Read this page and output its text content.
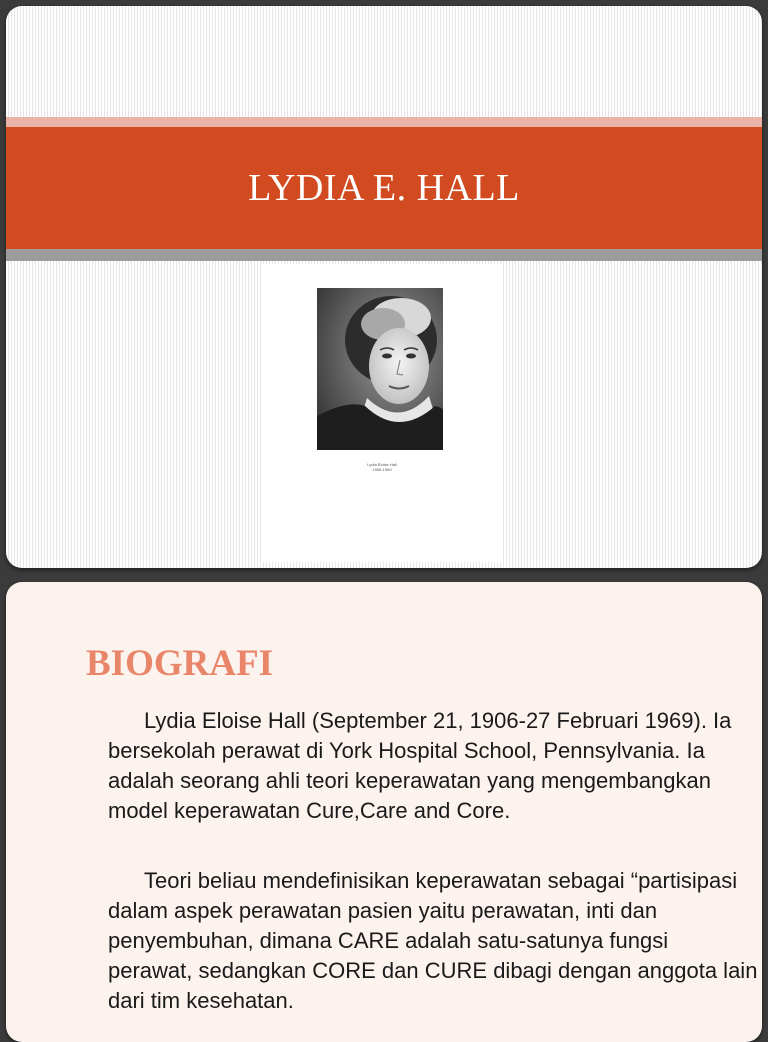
LYDIA E. HALL
Lydia Eloise Hall
1906-1969
BIOGRAFI

Lydia Eloise Hall (September 21, 1906-27 Februari 1969). Ia bersekolah perawat di York Hospital School, Pennsylvania. Ia adalah seorang ahli teori keperawatan yang mengembangkan model keperawatan Cure,Care and Core.

Teori beliau mendefinisikan keperawatan sebagai “partisipasi dalam aspek perawatan pasien yaitu perawatan, inti dan penyembuhan, dimana CARE adalah satu-satunya fungsi perawat, sedangkan CORE dan CURE dibagi dengan anggota lain dari tim kesehatan.
